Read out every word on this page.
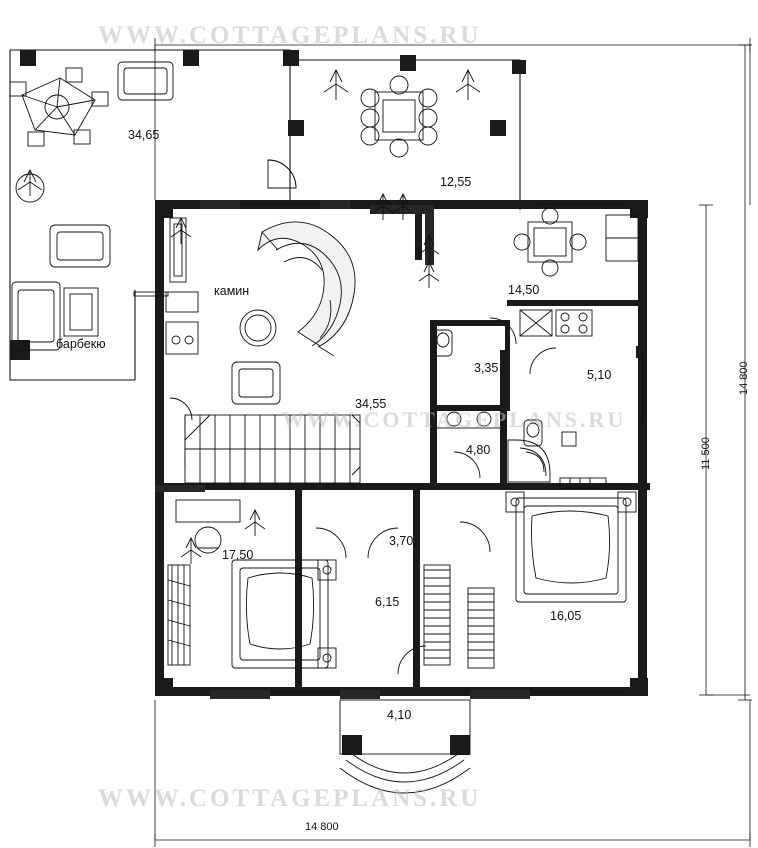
WWW.COTTAGEPLANS.RU
WWW.COTTAGEPLANS.RU
WWW.COTTAGEPLANS.RU
34,65
12,55
14,50
34,55
3,35	5,10
4,80
17,50
16,05
3,70
6,15
4,10
камин
барбекю
14 800
14 800
11 500
